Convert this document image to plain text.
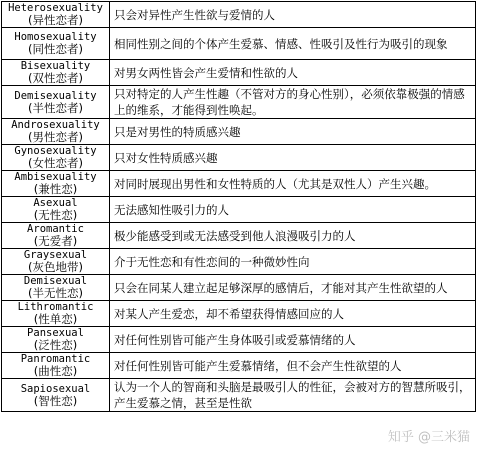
Heterosexuality
(异性恋者)	只会对异性产生性欲与爱情的人

Homosexuality
(同性恋者)	相同性别之间的个体产生爱慕、情感、性吸引及性行为吸引的现象

Bisexuality
(双性恋者)	对男女两性皆会产生爱情和性欲的人

Demisexuality
(半性恋者)	只对特定的人产生性趣（不管对方的身心性别），必须依靠极强的情感上的维系，才能得到性唤起。

Androsexuality
(男性恋者)	只是对男性的特质感兴趣

Gynosexuality
(女性恋者)	只对女性特质感兴趣

Ambisexuality
(兼性恋)	对同时展现出男性和女性特质的人（尤其是双性人）产生兴趣。

Asexual
(无性恋)	无法感知性吸引力的人

Aromantic
(无爱者)	极少能感受到或无法感受到他人浪漫吸引力的人

Graysexual
(灰色地带)	介于无性恋和有性恋间的一种微妙性向

Demisexual
(半无性恋)	只会在同某人建立起足够深厚的感情后，才能对其产生性欲望的人

Lithromantic
(性单恋)	对某人产生爱恋，却不希望获得情感回应的人

Pansexual
(泛性恋)	对任何性别皆可能产生身体吸引或爱慕情绪的人

Panromantic
(曲性恋)	对任何性别皆可能产生爱慕情绪，但不会产生性欲望的人

Sapiosexual
(智性恋)	认为一个人的智商和头脑是最吸引人的性征，会被对方的智慧所吸引，产生爱慕之情，甚至是性欲
知乎 @三米猫
